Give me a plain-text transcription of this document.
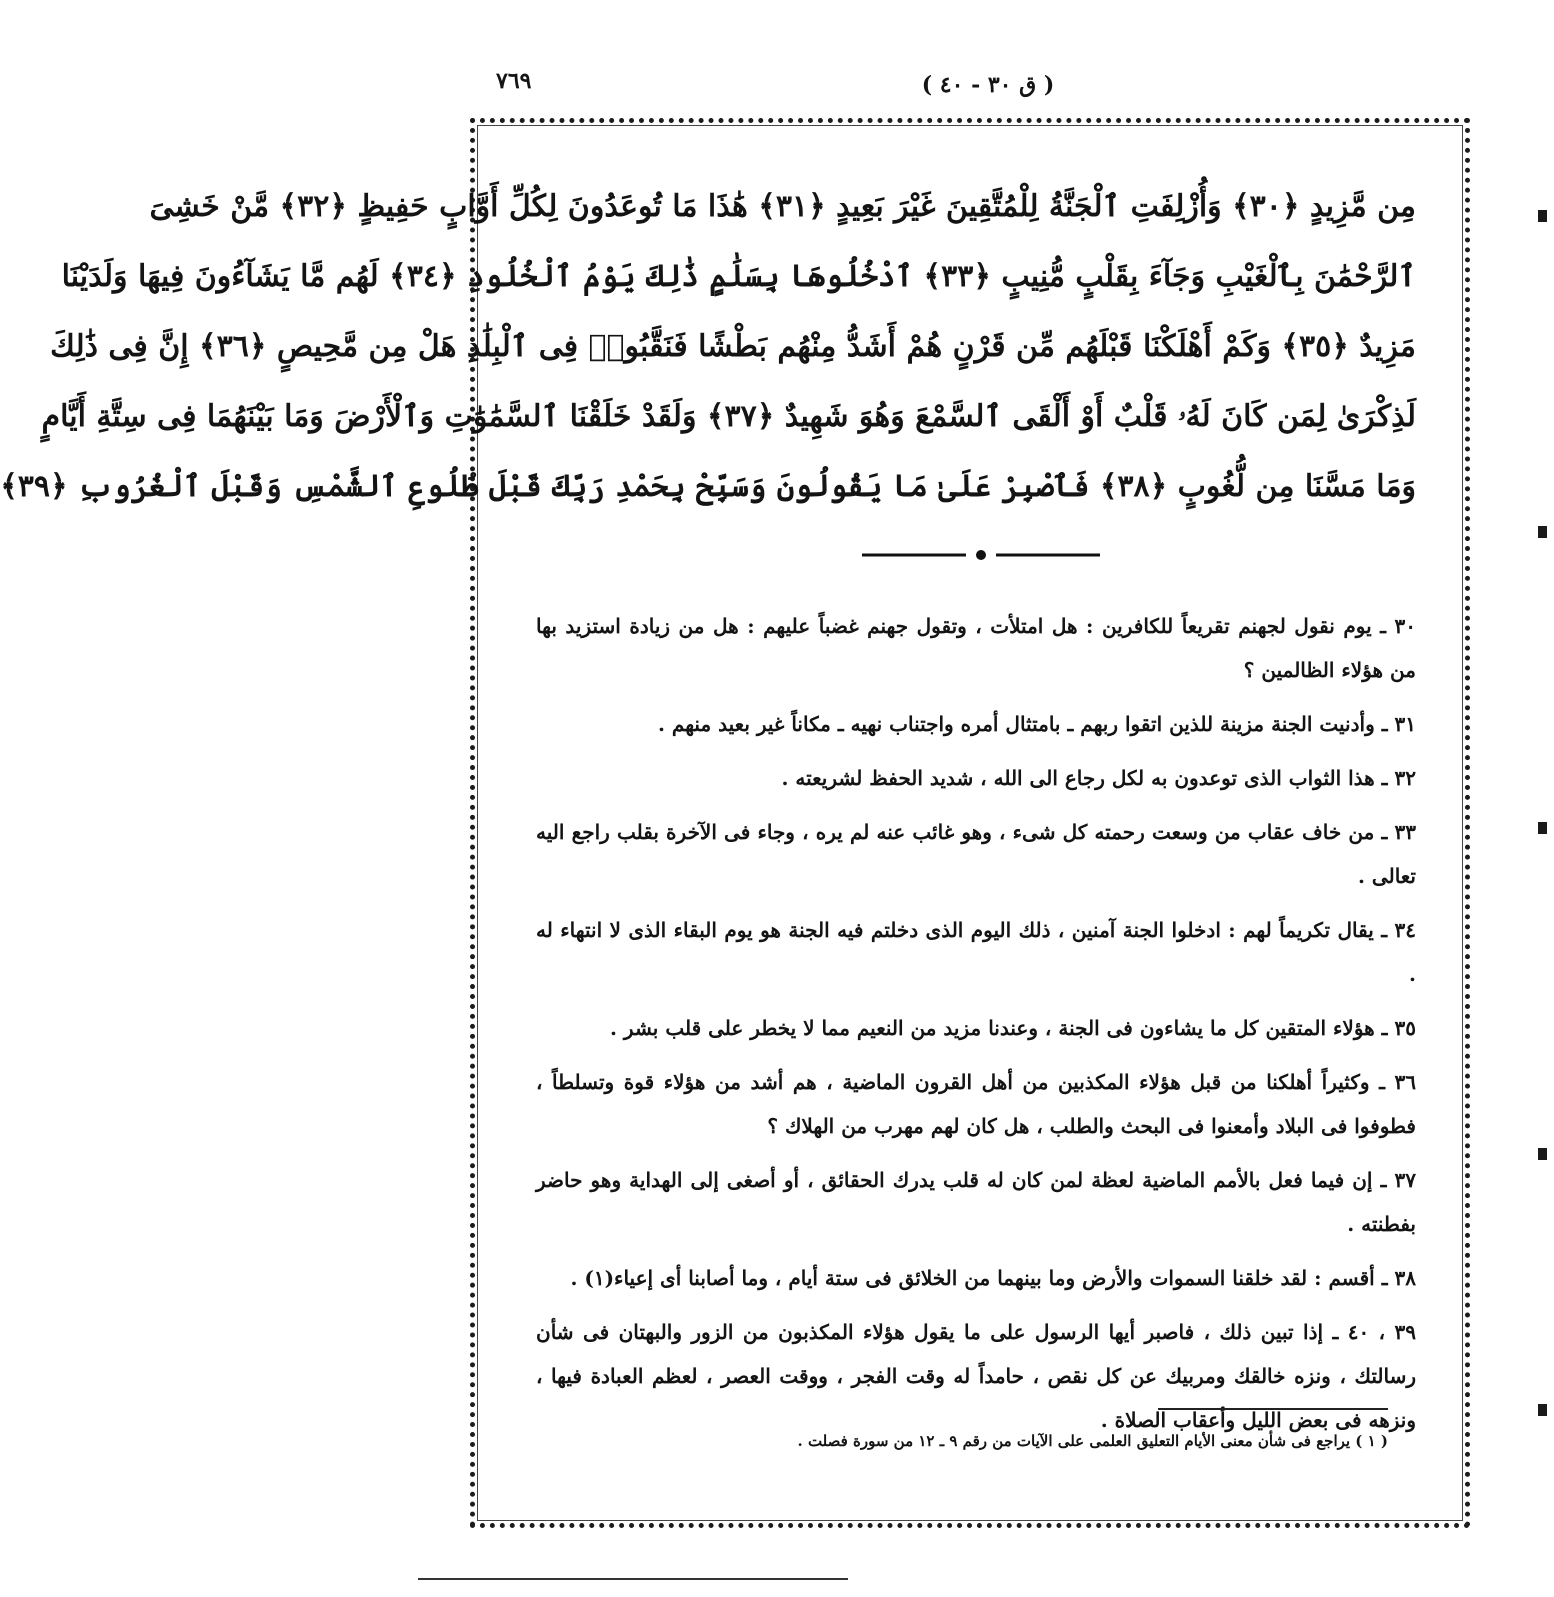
٧٦٩	( ق ٣٠ - ٤٠ )
مِن مَّزِيدٍ ﴿٣٠﴾ وَأُزْلِفَتِ ٱلْجَنَّةُ لِلْمُتَّقِينَ غَيْرَ بَعِيدٍ ﴿٣١﴾ هَٰذَا مَا تُوعَدُونَ لِكُلِّ أَوَّابٍ حَفِيظٍ ﴿٣٢﴾ مَّنْ خَشِىَ
ٱلرَّحْمَٰنَ بِٱلْغَيْبِ وَجَآءَ بِقَلْبٍ مُّنِيبٍ ﴿٣٣﴾ ٱدْخُلُوهَا بِسَلَٰمٍ ذَٰلِكَ يَوْمُ ٱلْخُلُودِ ﴿٣٤﴾ لَهُم مَّا يَشَآءُونَ فِيهَا وَلَدَيْنَا
مَزِيدٌ ﴿٣٥﴾ وَكَمْ أَهْلَكْنَا قَبْلَهُم مِّن قَرْنٍ هُمْ أَشَدُّ مِنْهُم بَطْشًا فَنَقَّبُوا۟ فِى ٱلْبِلَٰدِ هَلْ مِن مَّحِيصٍ ﴿٣٦﴾ إِنَّ فِى ذَٰلِكَ
لَذِكْرَىٰ لِمَن كَانَ لَهُۥ قَلْبٌ أَوْ أَلْقَى ٱلسَّمْعَ وَهُوَ شَهِيدٌ ﴿٣٧﴾ وَلَقَدْ خَلَقْنَا ٱلسَّمَٰوَٰتِ وَٱلْأَرْضَ وَمَا بَيْنَهُمَا فِى سِتَّةِ أَيَّامٍ
وَمَا مَسَّنَا مِن لُّغُوبٍ ﴿٣٨﴾ فَٱصْبِرْ عَلَىٰ مَا يَقُولُونَ وَسَبِّحْ بِحَمْدِ رَبِّكَ قَبْلَ طُلُوعِ ٱلشَّمْسِ وَقَبْلَ ٱلْغُرُوبِ ﴿٣٩﴾

٣٠ ـ يوم نقول لجهنم تقريعاً للكافرين : هل امتلأت ، وتقول جهنم غضباً عليهم : هل من زيادة استزيد بها من هؤلاء الظالمين ؟

٣١ ـ وأدنيت الجنة مزينة للذين اتقوا ربهم ـ بامتثال أمره واجتناب نهيه ـ مكاناً غير بعيد منهم .

٣٢ ـ هذا الثواب الذى توعدون به لكل رجاع الى الله ، شديد الحفظ لشريعته .

٣٣ ـ من خاف عقاب من وسعت رحمته كل شىء ، وهو غائب عنه لم يره ، وجاء فى الآخرة بقلب راجع اليه تعالى .

٣٤ ـ يقال تكريماً لهم : ادخلوا الجنة آمنين ، ذلك اليوم الذى دخلتم فيه الجنة هو يوم البقاء الذى لا انتهاء له .

٣٥ ـ هؤلاء المتقين كل ما يشاءون فى الجنة ، وعندنا مزيد من النعيم مما لا يخطر على قلب بشر .

٣٦ ـ وكثيراً أهلكنا من قبل هؤلاء المكذبين من أهل القرون الماضية ، هم أشد من هؤلاء قوة وتسلطاً ، فطوفوا فى البلاد وأمعنوا فى البحث والطلب ، هل كان لهم مهرب من الهلاك ؟

٣٧ ـ إن فيما فعل بالأمم الماضية لعظة لمن كان له قلب يدرك الحقائق ، أو أصغى إلى الهداية وهو حاضر بفطنته .

٣٨ ـ أقسم : لقد خلقنا السموات والأرض وما بينهما من الخلائق فى ستة أيام ، وما أصابنا أى إعياء(١) .

٣٩ ، ٤٠ ـ إذا تبين ذلك ، فاصبر أيها الرسول على ما يقول هؤلاء المكذبون من الزور والبهتان فى شأن رسالتك ، ونزه خالقك ومربيك عن كل نقص ، حامداً له وقت الفجر ، ووقت العصر ، لعظم العبادة فيها ، ونزهه فى بعض الليل وأعقاب الصلاة .

( ١ ) يراجع فى شأن معنى الأيام التعليق العلمى على الآيات من رقم ٩ ـ ١٢ من سورة فصلت .
